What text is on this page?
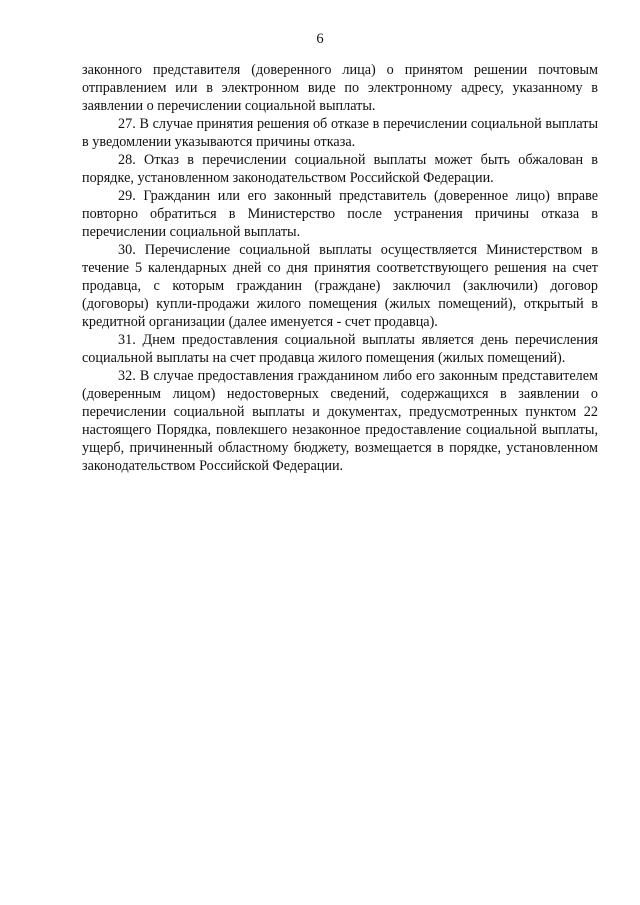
6

законного представителя (доверенного лица) о принятом решении почтовым отправлением или в электронном виде по электронному адресу, указанному в заявлении о перечислении социальной выплаты.

27. В случае принятия решения об отказе в перечислении социальной выплаты в уведомлении указываются причины отказа.

28. Отказ в перечислении социальной выплаты может быть обжалован в порядке, установленном законодательством Российской Федерации.

29. Гражданин или его законный представитель (доверенное лицо) вправе повторно обратиться в Министерство после устранения причины отказа в перечислении социальной выплаты.

30. Перечисление социальной выплаты осуществляется Министерством в течение 5 календарных дней со дня принятия соответствующего решения на счет продавца, с которым гражданин (граждане) заключил (заключили) договор (договоры) купли-продажи жилого помещения (жилых помещений), открытый в кредитной организации (далее именуется - счет продавца).

31. Днем предоставления социальной выплаты является день перечисления социальной выплаты на счет продавца жилого помещения (жилых помещений).

32. В случае предоставления гражданином либо его законным представителем (доверенным лицом) недостоверных сведений, содержащихся в заявлении о перечислении социальной выплаты и документах, предусмотренных пунктом 22 настоящего Порядка, повлекшего незаконное предоставление социальной выплаты, ущерб, причиненный областному бюджету, возмещается в порядке, установленном законодательством Российской Федерации.
